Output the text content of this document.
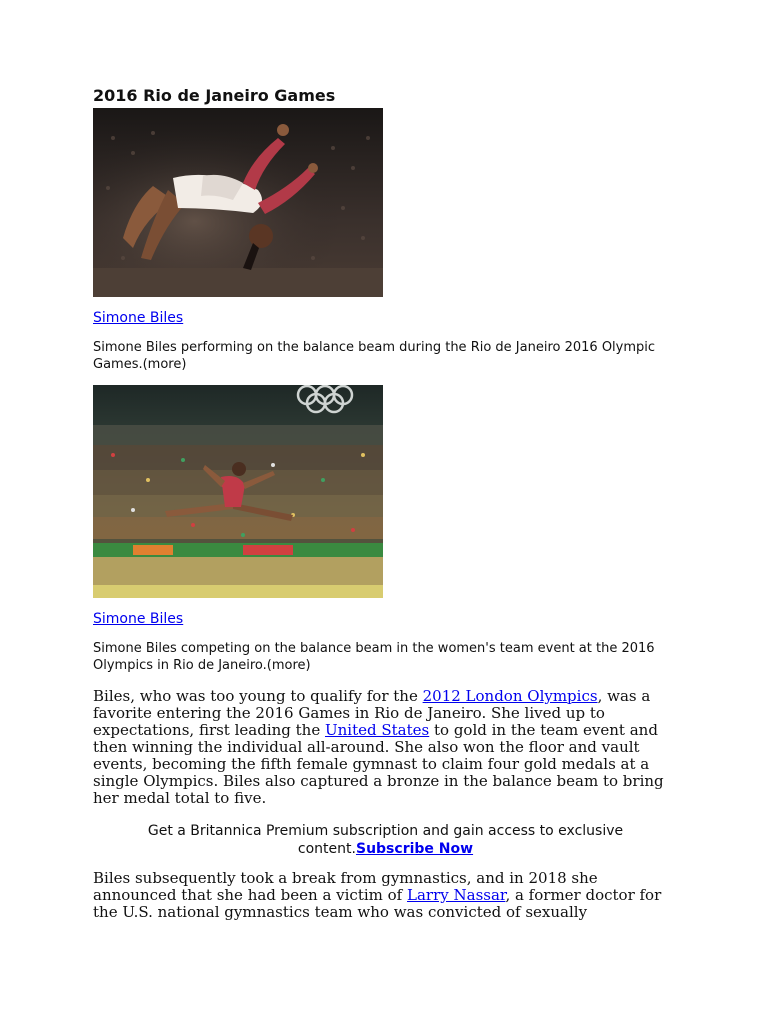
2016 Rio de Janeiro Games
Simone Biles

Simone Biles performing on the balance beam during the Rio de Janeiro 2016 Olympic Games.(more)

Simone Biles

Simone Biles competing on the balance beam in the women's team event at the 2016 Olympics in Rio de Janeiro.(more)

Biles, who was too young to qualify for the 2012 London Olympics, was a favorite entering the 2016 Games in Rio de Janeiro. She lived up to expectations, first leading the United States to gold in the team event and then winning the individual all-around. She also won the floor and vault events, becoming the fifth female gymnast to claim four gold medals at a single Olympics. Biles also captured a bronze in the balance beam to bring her medal total to five.

Get a Britannica Premium subscription and gain access to exclusive content.Subscribe Now

Biles subsequently took a break from gymnastics, and in 2018 she announced that she had been a victim of Larry Nassar, a former doctor for the U.S. national gymnastics team who was convicted of sexually
